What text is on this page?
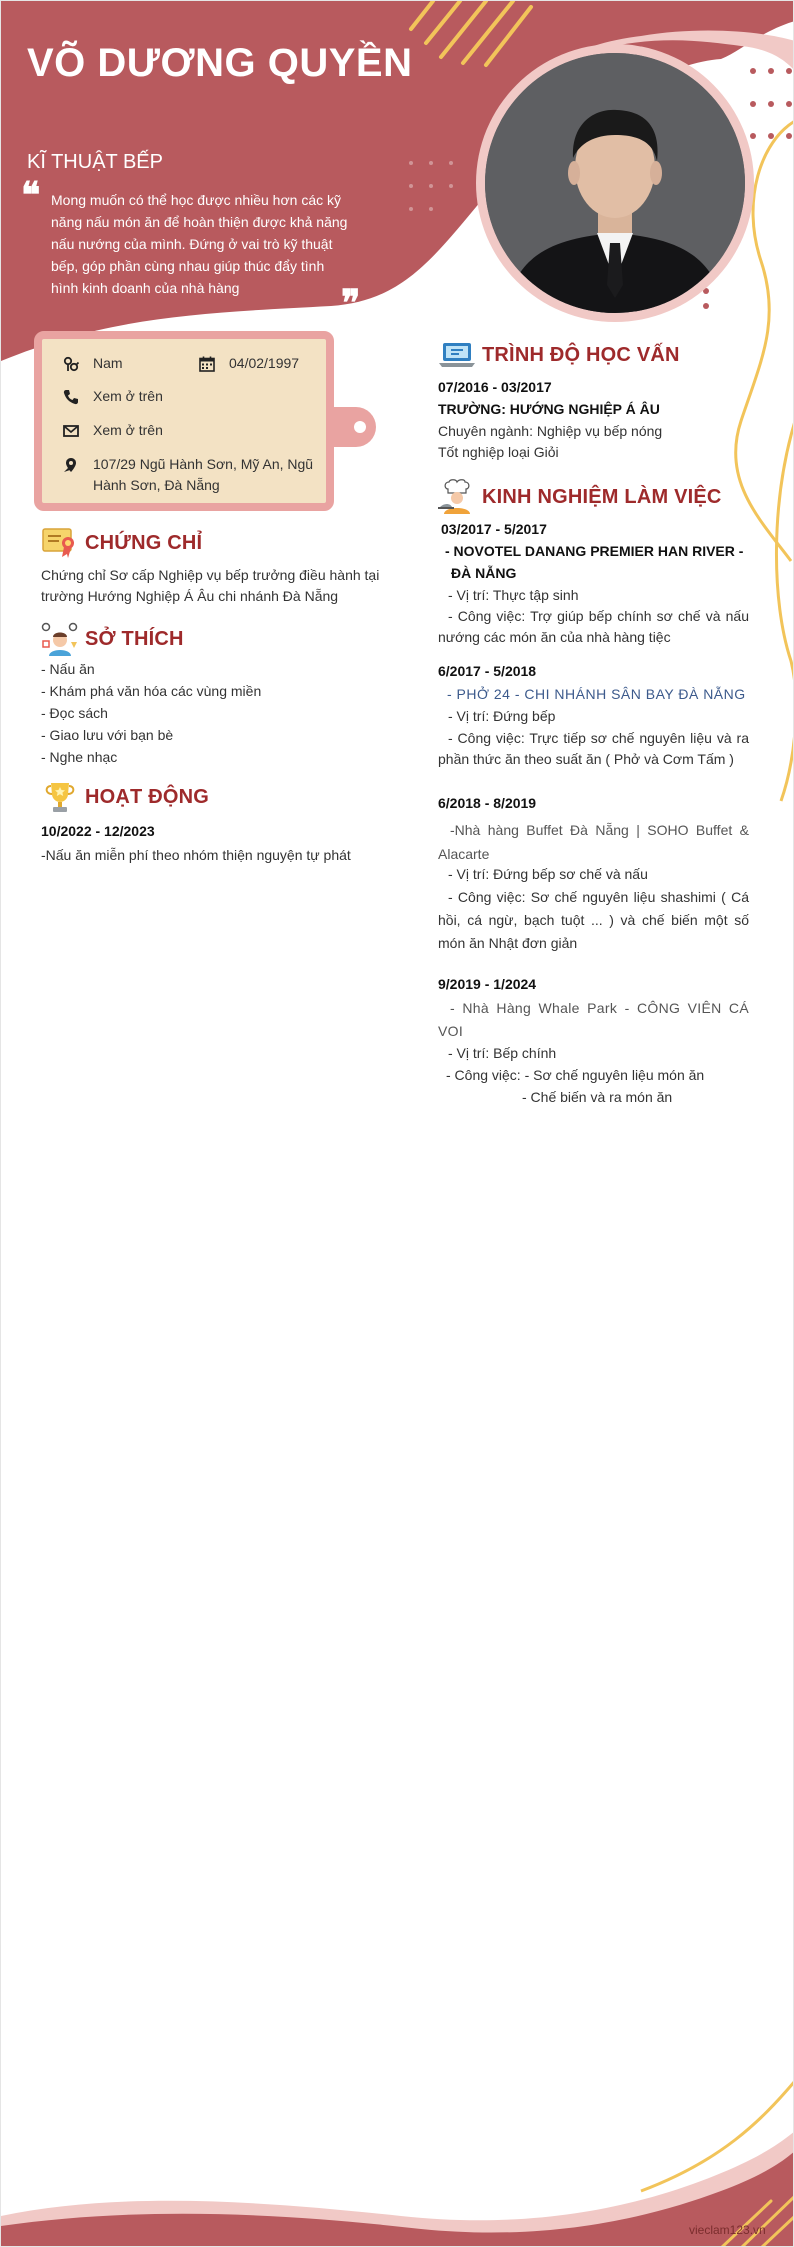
VÕ DƯƠNG QUYỀN
KĨ THUẬT BẾP
❝ Mong muốn có thể học được nhiều hơn các kỹ năng nấu món ăn để hoàn thiện được khả năng nấu nướng của mình. Đứng ở vai trò kỹ thuật bếp, góp phần cùng nhau giúp thúc đẩy tình hình kinh doanh của nhà hàng	❞
Nam	04/02/1997
Xem ở trên
Xem ở trên
107/29 Ngũ Hành Sơn, Mỹ An, Ngũ Hành Sơn, Đà Nẵng
CHỨNG CHỈ
Chứng chỉ Sơ cấp Nghiệp vụ bếp trưởng điều hành tại trường Hướng Nghiệp Á Âu chi nhánh Đà Nẵng
SỞ THÍCH
- Nấu ăn
- Khám phá văn hóa các vùng miền
- Đọc sách
- Giao lưu với bạn bè
- Nghe nhạc
HOẠT ĐỘNG
10/2022 - 12/2023
-Nấu ăn miễn phí theo nhóm thiện nguyện tự phát
TRÌNH ĐỘ HỌC VẤN
07/2016 - 03/2017
TRƯỜNG: HƯỚNG NGHIỆP Á ÂU
Chuyên ngành: Nghiệp vụ bếp nóng
Tốt nghiệp loại Giỏi
KINH NGHIỆM LÀM VIỆC
03/2017 - 5/2017
- NOVOTEL DANANG PREMIER HAN RIVER -
ĐÀ NẴNG
- Vị trí: Thực tập sinh
- Công việc: Trợ giúp bếp chính sơ chế và nấu nướng các món ăn của nhà hàng tiệc
6/2017 - 5/2018
- PHỞ 24 - CHI NHÁNH SÂN BAY ĐÀ NẴNG
- Vị trí: Đứng bếp
- Công việc: Trực tiếp sơ chế nguyên liệu và ra phần thức ăn theo suất ăn ( Phở và Cơm Tấm )
6/2018 - 8/2019
-Nhà hàng Buffet Đà Nẵng | SOHO Buffet & Alacarte
- Vị trí: Đứng bếp sơ chế và nấu
- Công việc: Sơ chế nguyên liệu shashimi ( Cá hồi, cá ngừ, bạch tuột ... ) và chế biến một số món ăn Nhật đơn giản
9/2019 - 1/2024
- Nhà Hàng Whale Park - CÔNG VIÊN CÁ VOI
- Vị trí: Bếp chính
- Công việc: - Sơ chế nguyên liệu món ăn
- Chế biến và ra món ăn
vieclam123.vn
